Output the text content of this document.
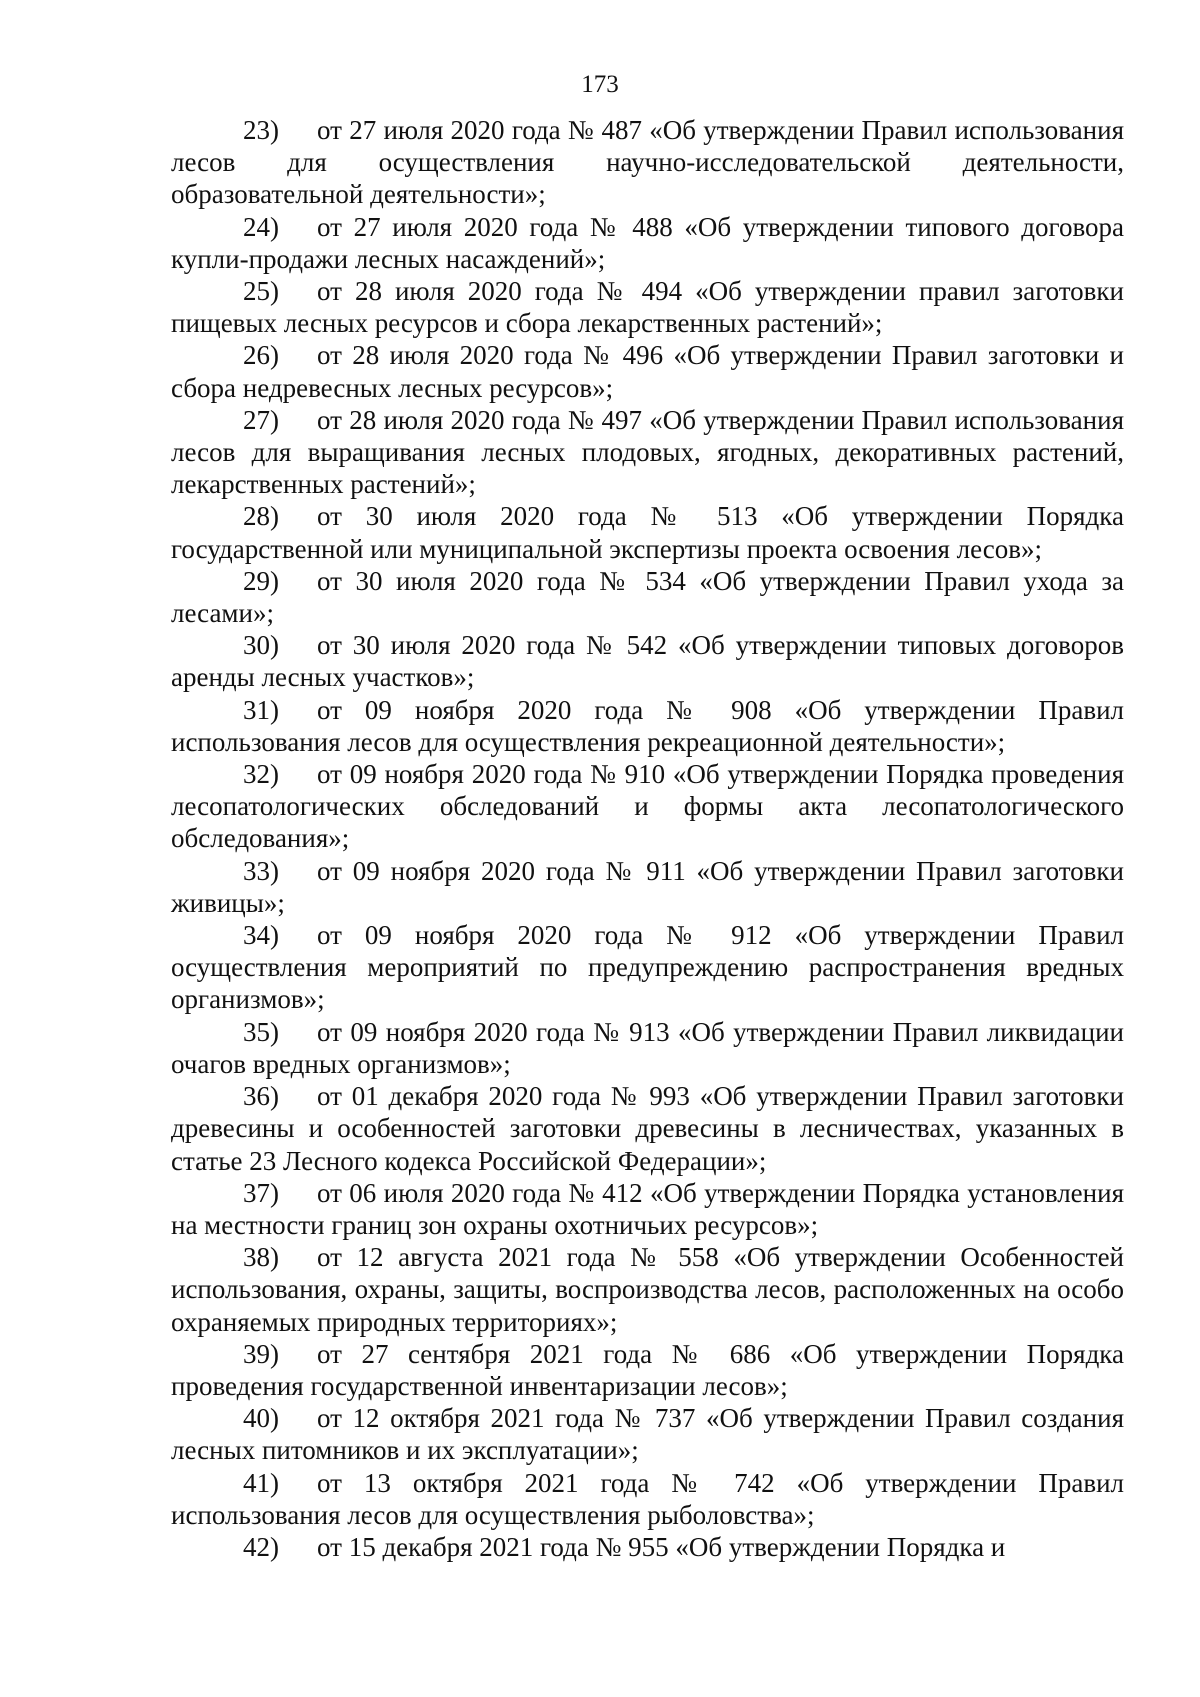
173

23) от 27 июля 2020 года № 487 «Об утверждении Правил использования лесов для осуществления научно-исследовательской деятельности, образовательной деятельности»;

24) от 27 июля 2020 года № 488 «Об утверждении типового договора купли-продажи лесных насаждений»;

25) от 28 июля 2020 года № 494 «Об утверждении правил заготовки пищевых лесных ресурсов и сбора лекарственных растений»;

26) от 28 июля 2020 года № 496 «Об утверждении Правил заготовки и сбора недревесных лесных ресурсов»;

27) от 28 июля 2020 года № 497 «Об утверждении Правил использования лесов для выращивания лесных плодовых, ягодных, декоративных растений, лекарственных растений»;

28) от 30 июля 2020 года № 513 «Об утверждении Порядка государственной или муниципальной экспертизы проекта освоения лесов»;

29) от 30 июля 2020 года № 534 «Об утверждении Правил ухода за лесами»;

30) от 30 июля 2020 года № 542 «Об утверждении типовых договоров аренды лесных участков»;

31) от 09 ноября 2020 года № 908 «Об утверждении Правил использования лесов для осуществления рекреационной деятельности»;

32) от 09 ноября 2020 года № 910 «Об утверждении Порядка проведения лесопатологических обследований и формы акта лесопатологического обследования»;

33) от 09 ноября 2020 года № 911 «Об утверждении Правил заготовки живицы»;

34) от 09 ноября 2020 года № 912 «Об утверждении Правил осуществления мероприятий по предупреждению распространения вредных организмов»;

35) от 09 ноября 2020 года № 913 «Об утверждении Правил ликвидации очагов вредных организмов»;

36) от 01 декабря 2020 года № 993 «Об утверждении Правил заготовки древесины и особенностей заготовки древесины в лесничествах, указанных в статье 23 Лесного кодекса Российской Федерации»;

37) от 06 июля 2020 года № 412 «Об утверждении Порядка установления на местности границ зон охраны охотничьих ресурсов»;

38) от 12 августа 2021 года № 558 «Об утверждении Особенностей использования, охраны, защиты, воспроизводства лесов, расположенных на особо охраняемых природных территориях»;

39) от 27 сентября 2021 года № 686 «Об утверждении Порядка проведения государственной инвентаризации лесов»;

40) от 12 октября 2021 года № 737 «Об утверждении Правил создания лесных питомников и их эксплуатации»;

41) от 13 октября 2021 года № 742 «Об утверждении Правил использования лесов для осуществления рыболовства»;

42) от 15 декабря 2021 года № 955 «Об утверждении Порядка и
